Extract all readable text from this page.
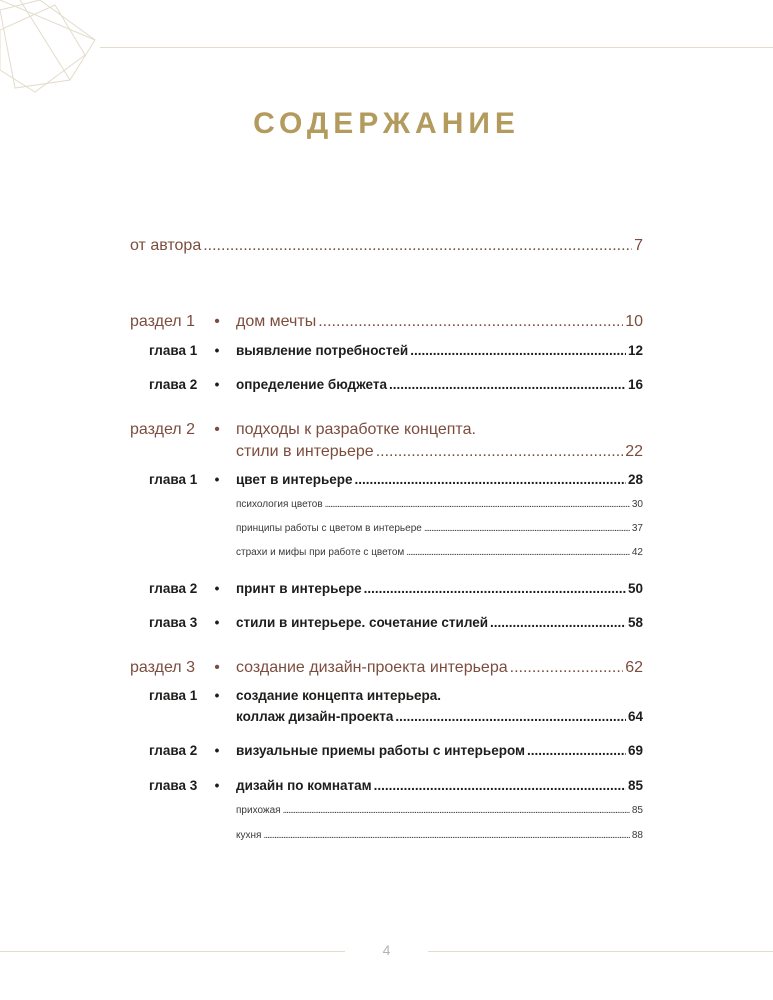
СОДЕРЖАНИЕ
от автора .....	7
раздел 1 • дом мечты .....	10
глава 1 • выявление потребностей .....	12
глава 2 • определение бюджета .....	16
раздел 2 • подходы к разработке концепта.
стили в интерьере .....	22
глава 1 • цвет в интерьере .....	28
психология цветов .....	30
принципы работы с цветом в интерьере .....	37
страхи и мифы при работе с цветом .....	42
глава 2 • принт в интерьере .....	50
глава 3 • стили в интерьере. сочетание стилей .....	58
раздел 3 • создание дизайн-проекта интерьера .....	62
глава 1 • создание концепта интерьера.
коллаж дизайн-проекта .....	64
глава 2 • визуальные приемы работы с интерьером .....	69
глава 3 • дизайн по комнатам .....	85
прихожая .....	85
кухня .....	88
4
